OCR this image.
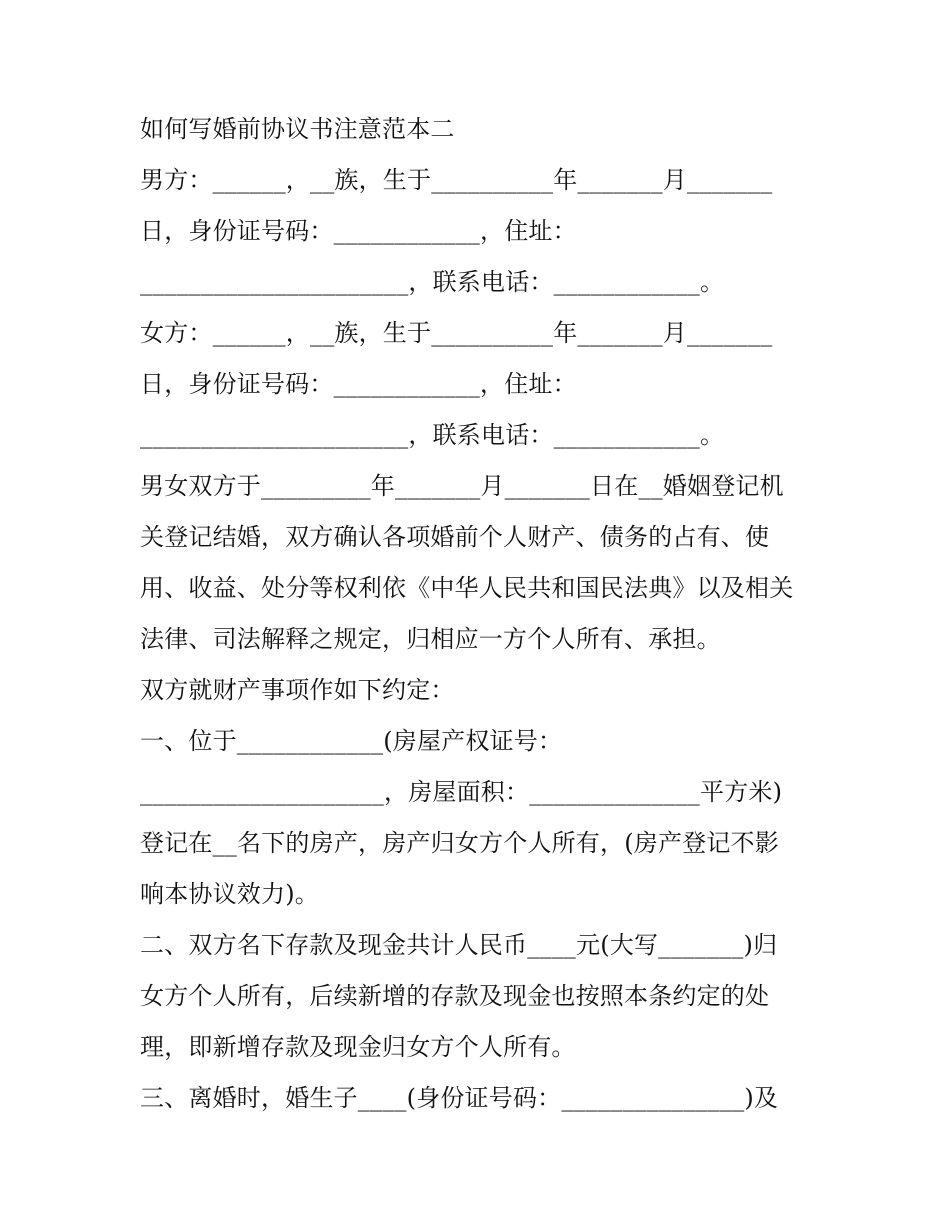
如何写婚前协议书注意范本二
男方：______，__族，生于__________年_______月_______
日，身份证号码：____________，住址：
______________________，联系电话：____________。
女方：______，__族，生于__________年_______月_______
日，身份证号码：____________，住址：
______________________，联系电话：____________。
男女双方于_________年_______月_______日在__婚姻登记机
关登记结婚，双方确认各项婚前个人财产、债务的占有、使
用、收益、处分等权利依《中华人民共和国民法典》以及相关
法律、司法解释之规定，归相应一方个人所有、承担。
双方就财产事项作如下约定：
一、位于____________(房屋产权证号：
____________________，房屋面积：______________平方米)
登记在__名下的房产，房产归女方个人所有，(房产登记不影
响本协议效力)。
二、双方名下存款及现金共计人民币____元(大写_______)归
女方个人所有，后续新增的存款及现金也按照本条约定的处
理，即新增存款及现金归女方个人所有。
三、离婚时，婚生子____(身份证号码：_______________)及
